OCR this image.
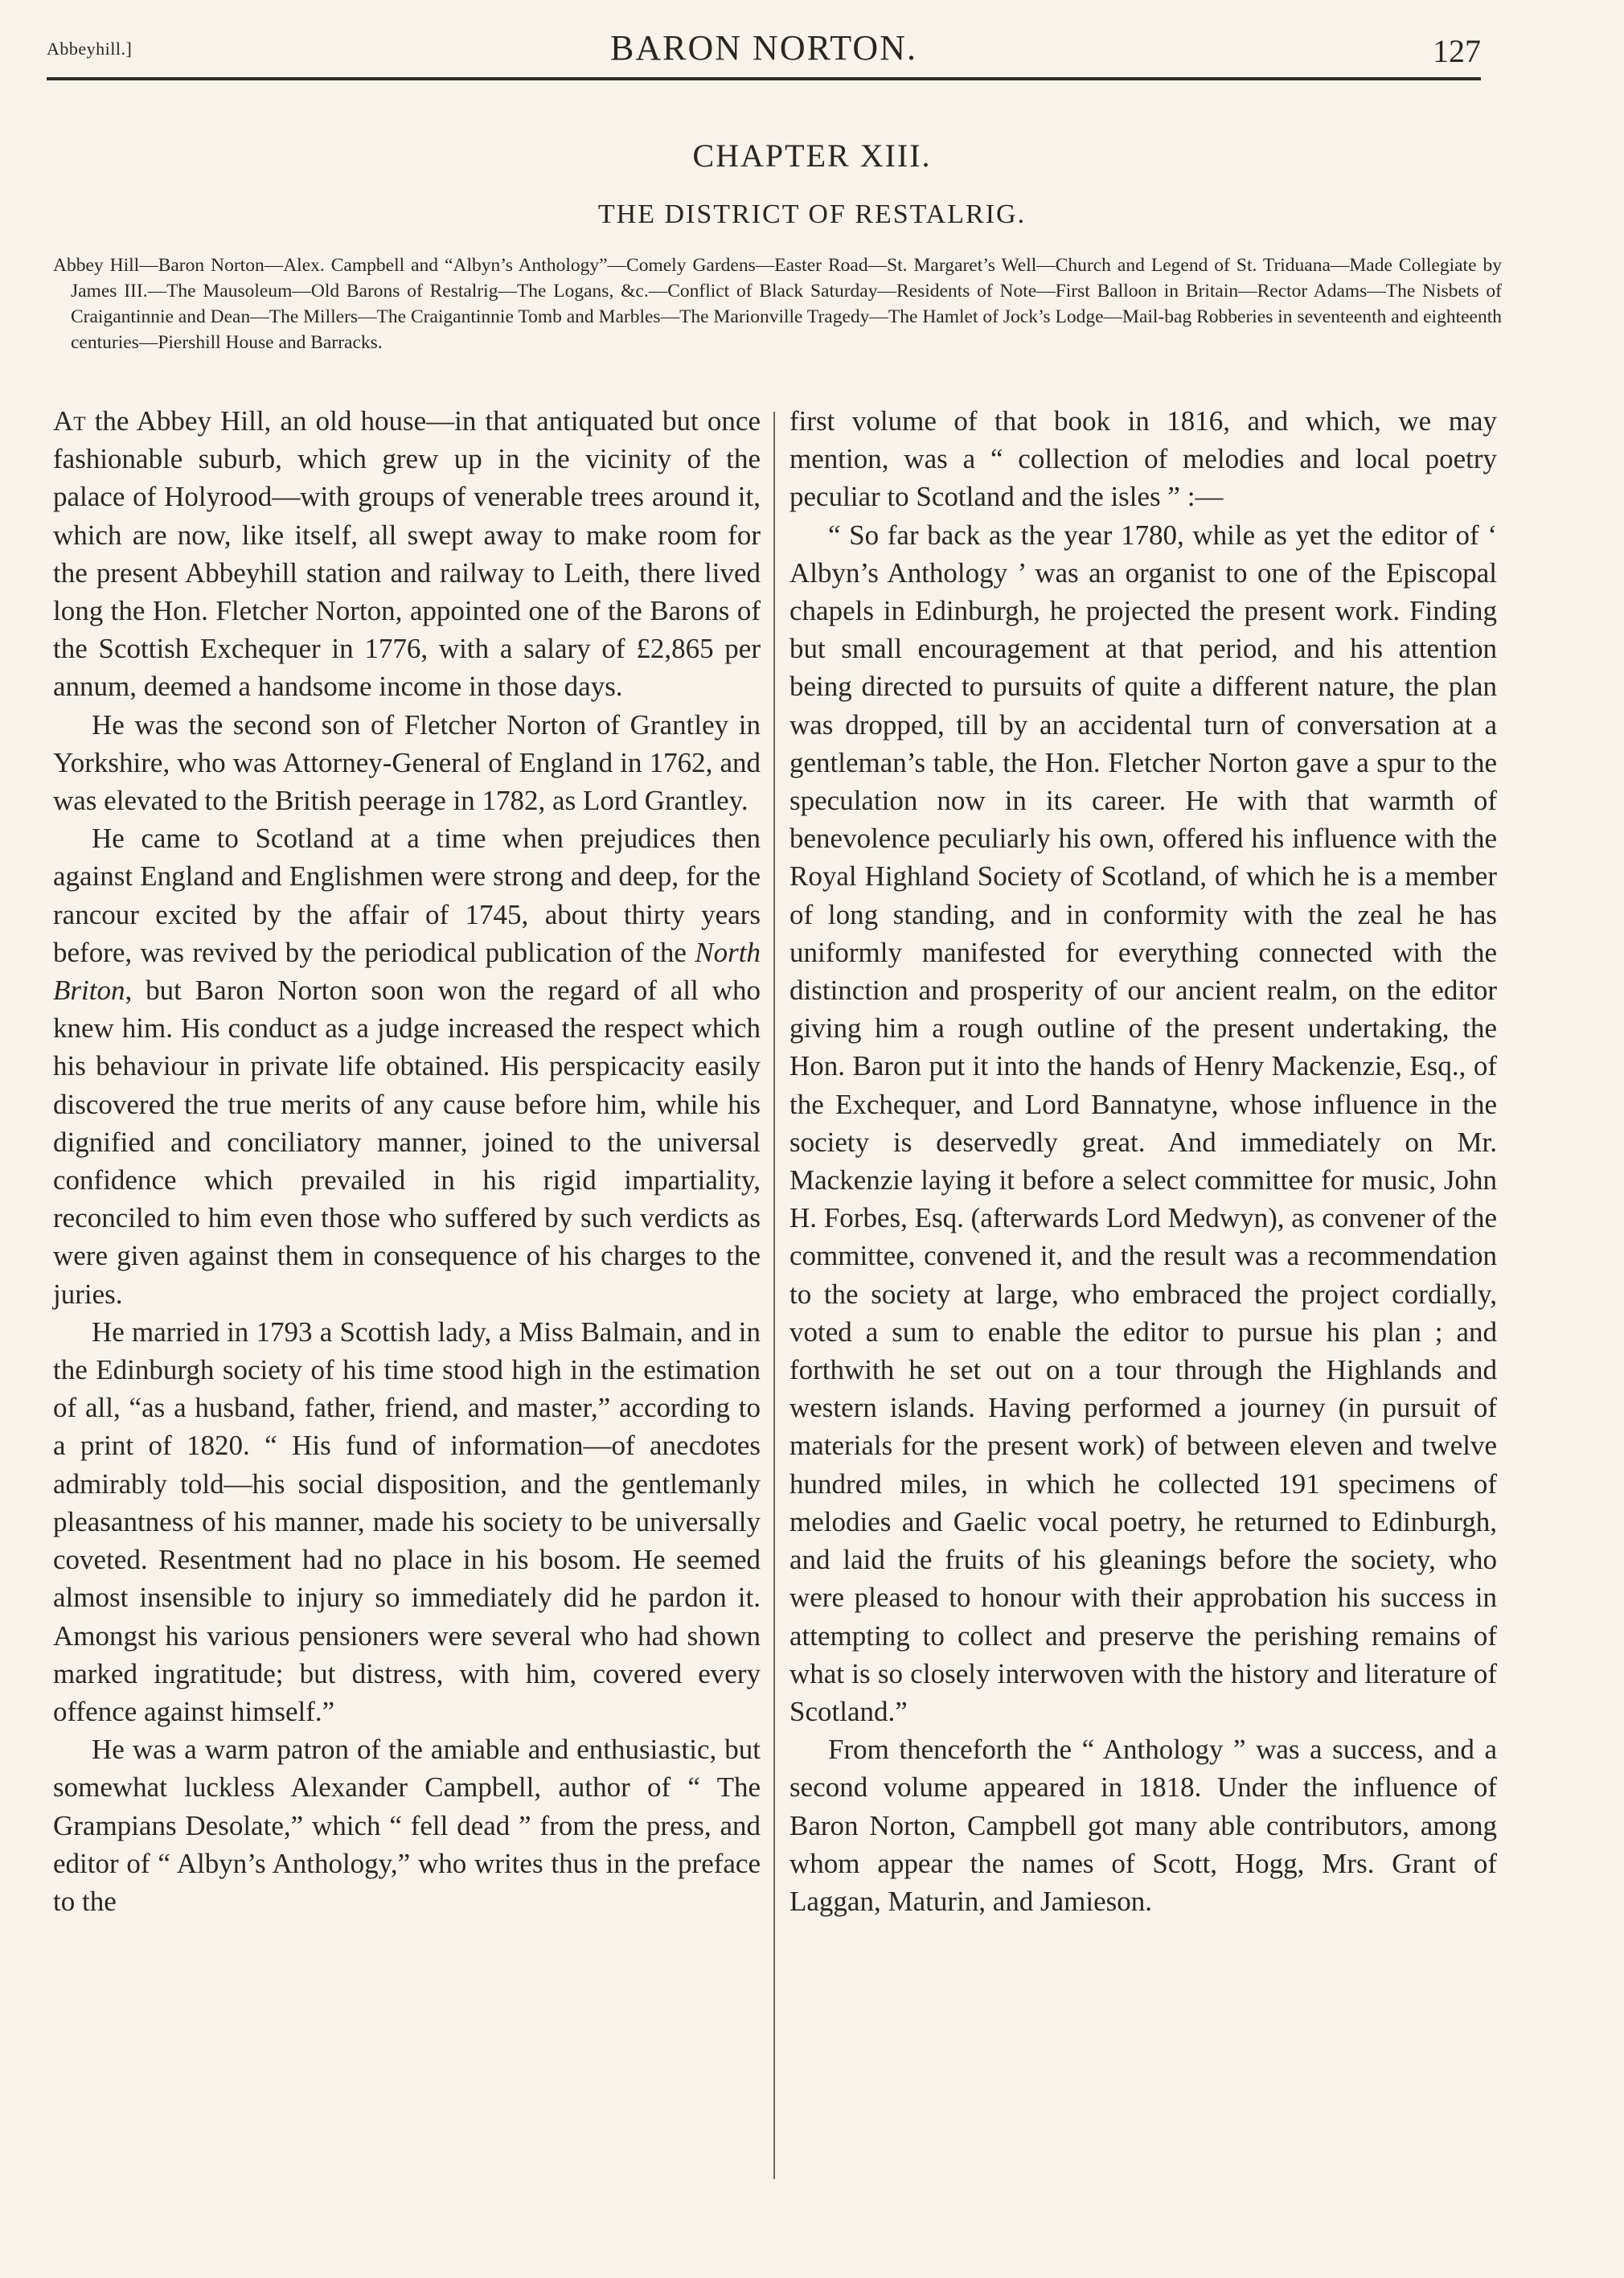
Abbeyhill.]	BARON NORTON.	127
CHAPTER XIII.
THE DISTRICT OF RESTALRIG.
Abbey Hill—Baron Norton—Alex. Campbell and “Albyn’s Anthology”—Comely Gardens—Easter Road—St. Margaret’s Well—Church and Legend of St. Triduana—Made Collegiate by James III.—The Mausoleum—Old Barons of Restalrig—The Logans, &c.—Conflict of Black Saturday—Residents of Note—First Balloon in Britain—Rector Adams—The Nisbets of Craigantinnie and Dean—The Millers—The Craigantinnie Tomb and Marbles—The Marionville Tragedy—The Hamlet of Jock’s Lodge—Mail-bag Robberies in seventeenth and eighteenth centuries—Piershill House and Barracks.

At the Abbey Hill, an old house—in that antiquated but once fashionable suburb, which grew up in the vicinity of the palace of Holyrood—with groups of venerable trees around it, which are now, like itself, all swept away to make room for the present Abbeyhill station and railway to Leith, there lived long the Hon. Fletcher Norton, appointed one of the Barons of the Scottish Exchequer in 1776, with a salary of £2,865 per annum, deemed a handsome income in those days.

He was the second son of Fletcher Norton of Grantley in Yorkshire, who was Attorney-General of England in 1762, and was elevated to the British peerage in 1782, as Lord Grantley.

He came to Scotland at a time when prejudices then against England and Englishmen were strong and deep, for the rancour excited by the affair of 1745, about thirty years before, was revived by the periodical publication of the North Briton, but Baron Norton soon won the regard of all who knew him. His conduct as a judge increased the respect which his behaviour in private life obtained. His perspicacity easily discovered the true merits of any cause before him, while his dignified and conciliatory manner, joined to the universal confidence which prevailed in his rigid impartiality, reconciled to him even those who suffered by such verdicts as were given against them in consequence of his charges to the juries.

He married in 1793 a Scottish lady, a Miss Balmain, and in the Edinburgh society of his time stood high in the estimation of all, “as a husband, father, friend, and master,” according to a print of 1820. “ His fund of information—of anecdotes admirably told—his social disposition, and the gentlemanly pleasantness of his manner, made his society to be universally coveted. Resentment had no place in his bosom. He seemed almost insensible to injury so immediately did he pardon it. Amongst his various pensioners were several who had shown marked ingratitude; but distress, with him, covered every offence against himself.”

He was a warm patron of the amiable and enthusiastic, but somewhat luckless Alexander Campbell, author of “ The Grampians Desolate,” which “ fell dead ” from the press, and editor of “ Albyn’s Anthology,” who writes thus in the preface to the

first volume of that book in 1816, and which, we may mention, was a “ collection of melodies and local poetry peculiar to Scotland and the isles ” :—

“ So far back as the year 1780, while as yet the editor of ‘ Albyn’s Anthology ’ was an organist to one of the Episcopal chapels in Edinburgh, he projected the present work. Finding but small encouragement at that period, and his attention being directed to pursuits of quite a different nature, the plan was dropped, till by an accidental turn of conversation at a gentleman’s table, the Hon. Fletcher Norton gave a spur to the speculation now in its career. He with that warmth of benevolence peculiarly his own, offered his influence with the Royal Highland Society of Scotland, of which he is a member of long standing, and in conformity with the zeal he has uniformly manifested for everything connected with the distinction and prosperity of our ancient realm, on the editor giving him a rough outline of the present undertaking, the Hon. Baron put it into the hands of Henry Mackenzie, Esq., of the Exchequer, and Lord Bannatyne, whose influence in the society is deservedly great. And immediately on Mr. Mackenzie laying it before a select committee for music, John H. Forbes, Esq. (afterwards Lord Medwyn), as convener of the committee, convened it, and the result was a recommendation to the society at large, who embraced the project cordially, voted a sum to enable the editor to pursue his plan ; and forthwith he set out on a tour through the Highlands and western islands. Having performed a journey (in pursuit of materials for the present work) of between eleven and twelve hundred miles, in which he collected 191 specimens of melodies and Gaelic vocal poetry, he returned to Edinburgh, and laid the fruits of his gleanings before the society, who were pleased to honour with their approbation his success in attempting to collect and preserve the perishing remains of what is so closely interwoven with the history and literature of Scotland.”

From thenceforth the “ Anthology ” was a success, and a second volume appeared in 1818. Under the influence of Baron Norton, Campbell got many able contributors, among whom appear the names of Scott, Hogg, Mrs. Grant of Laggan, Maturin, and Jamieson.
